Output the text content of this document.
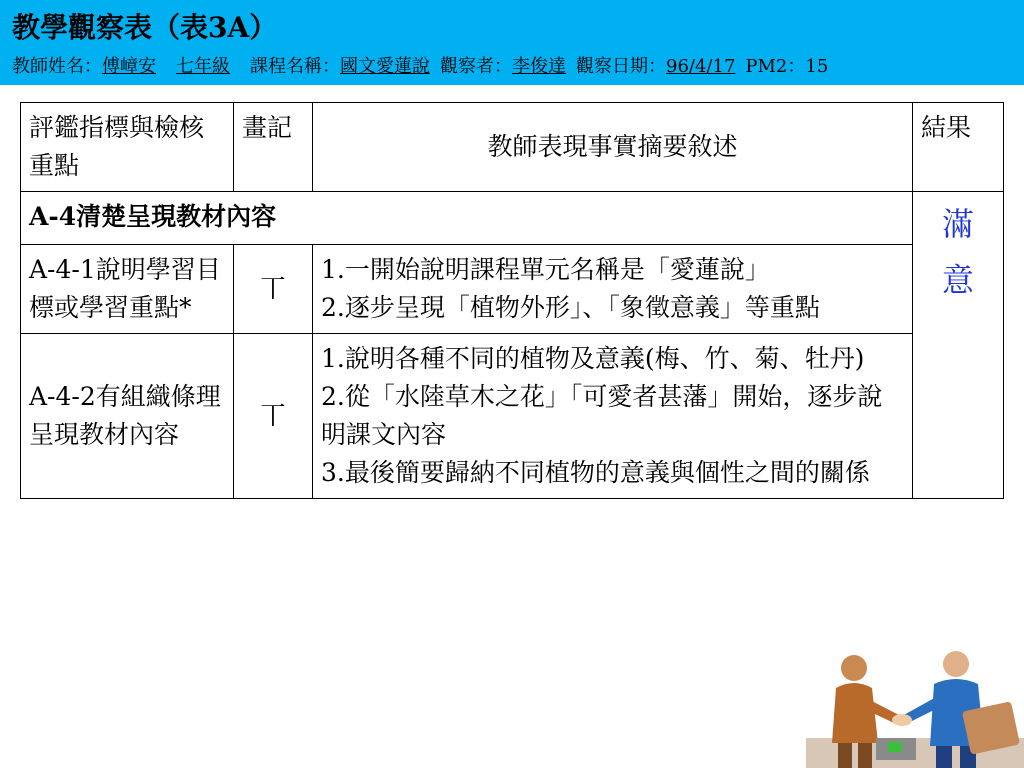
教學觀察表（表3A）
教師姓名：傅嶂安 七年級 課程名稱：國文愛蓮說 觀察者：李俊達 觀察日期：96/4/17 PM2：15
評鑑指標與檢核重點	畫記	教師表現事實摘要敘述	結果
A-4清楚呈現教材內容			滿
意

A-4-1說明學習目標或學習重點*	丅	1.一開始說明課程單元名稱是「愛蓮說」
2.逐步呈現「植物外形」、「象徵意義」等重點	

A-4-2有組織條理呈現教材內容	丅	1.說明各種不同的植物及意義(梅、竹、菊、牡丹)
2.從「水陸草木之花」「可愛者甚藩」開始，逐步說明課文內容
3.最後簡要歸納不同植物的意義與個性之間的關係	
